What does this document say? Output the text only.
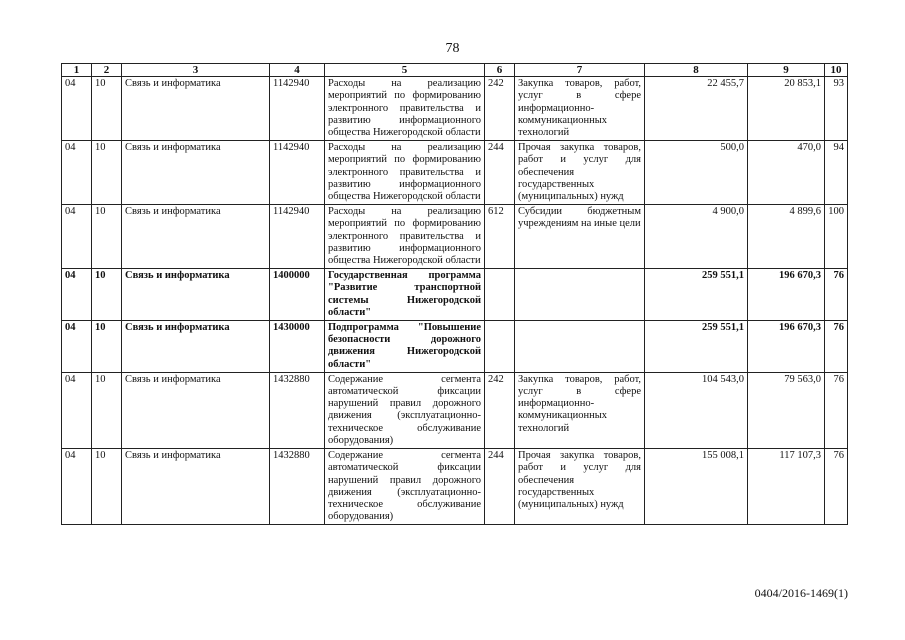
78
1	2	3	4	5	6	7	8	9	10
04	10	Связь и информатика	1142940	Расходы на реализацию мероприятий по формированию электронного правительства и развитию информационного общества Нижегородской области	242	Закупка товаров, работ, услуг в сфере информационно-коммуникационных технологий	22 455,7	20 853,1	93
04	10	Связь и информатика	1142940	Расходы на реализацию мероприятий по формированию электронного правительства и развитию информационного общества Нижегородской области	244	Прочая закупка товаров, работ и услуг для обеспечения государственных (муниципальных) нужд	500,0	470,0	94
04	10	Связь и информатика	1142940	Расходы на реализацию мероприятий по формированию электронного правительства и развитию информационного общества Нижегородской области	612	Субсидии бюджетным учреждениям на иные цели	4 900,0	4 899,6	100
04	10	Связь и информатика	1400000	Государственная программа "Развитие транспортной системы Нижегородской области"			259 551,1	196 670,3	76
04	10	Связь и информатика	1430000	Подпрограмма "Повышение безопасности дорожного движения Нижегородской области"			259 551,1	196 670,3	76
04	10	Связь и информатика	1432880	Содержание сегмента автоматической фиксации нарушений правил дорожного движения (эксплуатационно-техническое обслуживание оборудования)	242	Закупка товаров, работ, услуг в сфере информационно-коммуникационных технологий	104 543,0	79 563,0	76
04	10	Связь и информатика	1432880	Содержание сегмента автоматической фиксации нарушений правил дорожного движения (эксплуатационно-техническое обслуживание оборудования)	244	Прочая закупка товаров, работ и услуг для обеспечения государственных (муниципальных) нужд	155 008,1	117 107,3	76
0404/2016-1469(1)
